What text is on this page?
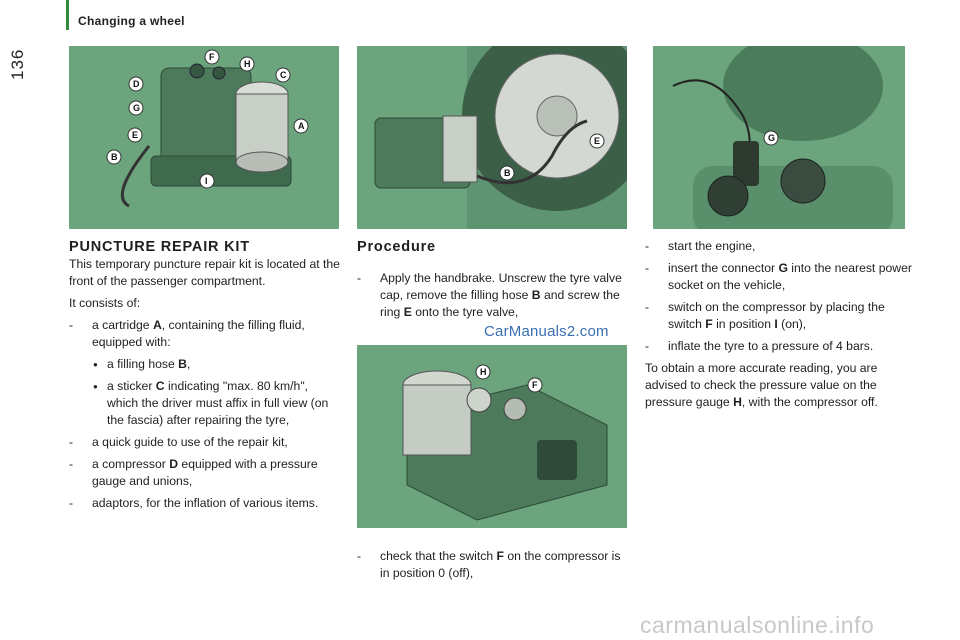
136
Changing a wheel
F
H
D
C
G
A
E
B
I
E
B
G
H
F
PUNCTURE REPAIR KIT

This temporary puncture repair kit is located at the front of the passenger compartment.

It consists of:

- a cartridge A, containing the filling fluid, equipped with:
● a filling hose B,
● a sticker C indicating "max. 80 km/h", which the driver must affix in full view (on the fascia) after repairing the tyre,
- a quick guide to use of the repair kit,
- a compressor D equipped with a pressure gauge and unions,
- adaptors, for the inflation of various items.
Procedure
- Apply the handbrake. Unscrew the tyre valve cap, remove the filling hose B and screw the ring E onto the tyre valve,
CarManuals2.com
- check that the switch F on the compressor is in position 0 (off),
- start the engine,
- insert the connector G into the nearest power socket on the vehicle,
- switch on the compressor by placing the switch F in position I (on),
- inflate the tyre to a pressure of 4 bars.

To obtain a more accurate reading, you are advised to check the pressure value on the pressure gauge H, with the compressor off.

carmanualsonline.info
